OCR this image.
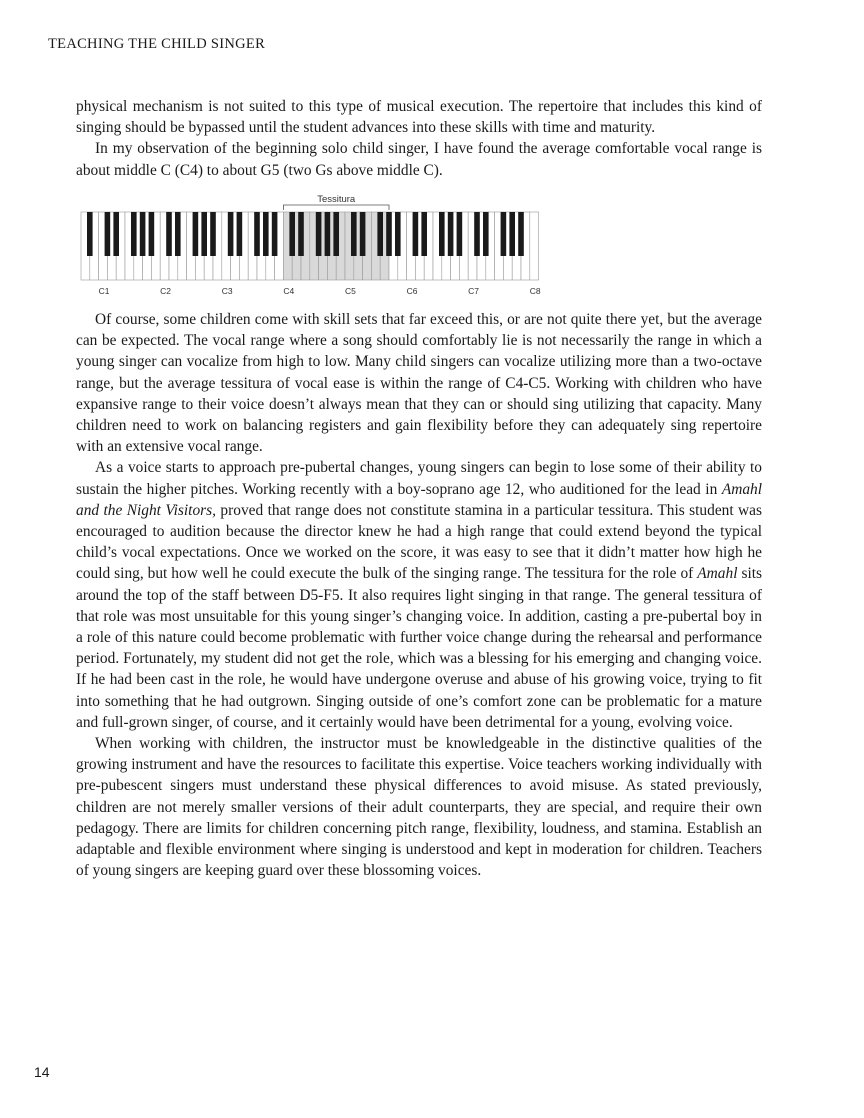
TEACHING THE CHILD SINGER

physical mechanism is not suited to this type of musical execution. The repertoire that includes this kind of singing should be bypassed until the student advances into these skills with time and maturity.

In my observation of the beginning solo child singer, I have found the average comfortable vocal range is about middle C (C4) to about G5 (two Gs above middle C).

Tessitura
C1	C2	C3	C4	C5	C6	C7	C8

Of course, some children come with skill sets that far exceed this, or are not quite there yet, but the average can be expected. The vocal range where a song should comfortably lie is not necessarily the range in which a young singer can vocalize from high to low. Many child singers can vocalize utilizing more than a two-octave range, but the average tessitura of vocal ease is within the range of C4-C5. Working with children who have expansive range to their voice doesn’t always mean that they can or should sing utilizing that capacity. Many children need to work on balancing registers and gain flexibility before they can adequately sing repertoire with an extensive vocal range.

As a voice starts to approach pre-pubertal changes, young singers can begin to lose some of their ability to sustain the higher pitches. Working recently with a boy-soprano age 12, who auditioned for the lead in Amahl and the Night Visitors, proved that range does not constitute stamina in a particular tessitura. This student was encouraged to audition because the director knew he had a high range that could extend beyond the typical child’s vocal expectations. Once we worked on the score, it was easy to see that it didn’t matter how high he could sing, but how well he could execute the bulk of the singing range. The tessitura for the role of Amahl sits around the top of the staff between D5-F5. It also requires light singing in that range. The general tessitura of that role was most unsuitable for this young singer’s changing voice. In addition, casting a pre-pubertal boy in a role of this nature could become problematic with further voice change during the rehearsal and performance period. Fortunately, my student did not get the role, which was a blessing for his emerging and changing voice. If he had been cast in the role, he would have undergone overuse and abuse of his growing voice, trying to fit into something that he had outgrown. Singing outside of one’s comfort zone can be problematic for a mature and full-grown singer, of course, and it certainly would have been detrimental for a young, evolving voice.

When working with children, the instructor must be knowledgeable in the distinctive qualities of the growing instrument and have the resources to facilitate this expertise. Voice teachers working individually with pre-pubescent singers must understand these physical differences to avoid misuse. As stated previously, children are not merely smaller versions of their adult counterparts, they are special, and require their own pedagogy. There are limits for children concerning pitch range, flexibility, loudness, and stamina. Establish an adaptable and flexible environment where singing is understood and kept in moderation for children. Teachers of young singers are keeping guard over these blossoming voices.

14
